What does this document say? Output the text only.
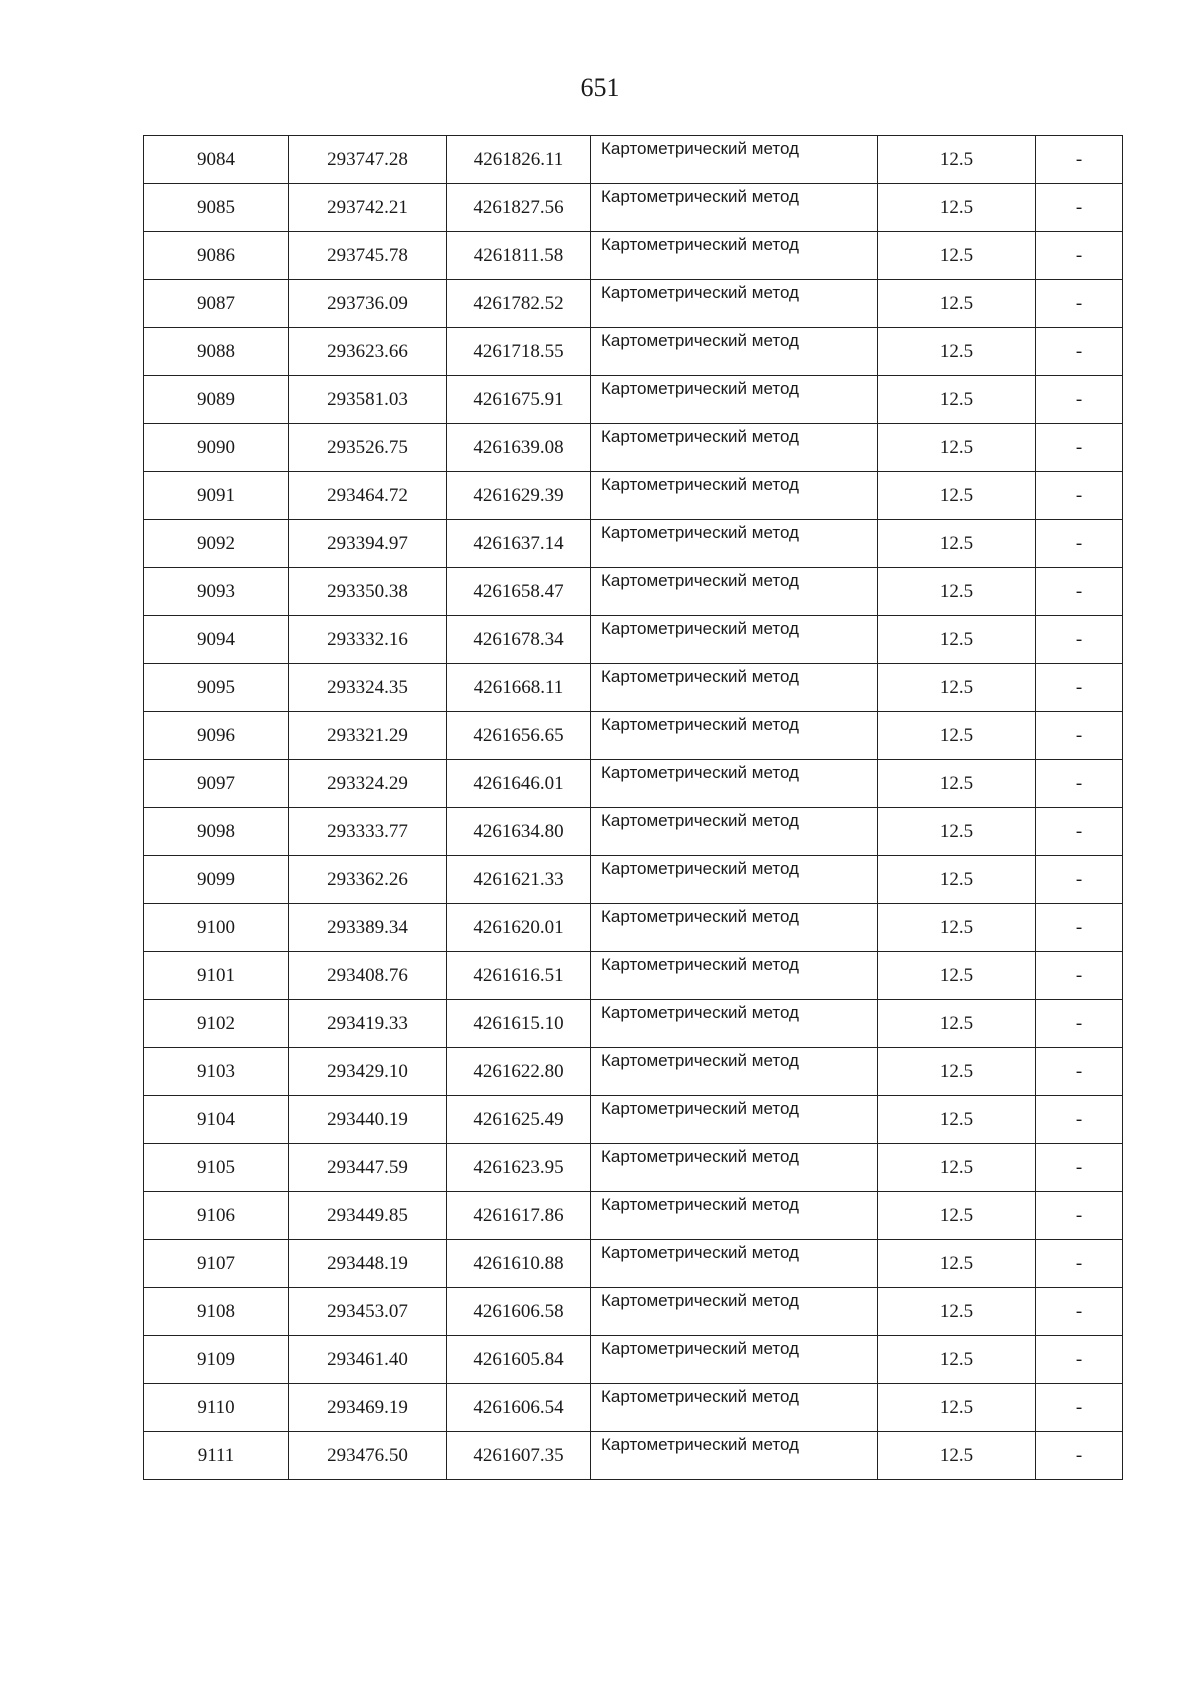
651
9084	293747.28	4261826.11	Картометрический метод	12.5	-
9085	293742.21	4261827.56	Картометрический метод	12.5	-
9086	293745.78	4261811.58	Картометрический метод	12.5	-
9087	293736.09	4261782.52	Картометрический метод	12.5	-
9088	293623.66	4261718.55	Картометрический метод	12.5	-
9089	293581.03	4261675.91	Картометрический метод	12.5	-
9090	293526.75	4261639.08	Картометрический метод	12.5	-
9091	293464.72	4261629.39	Картометрический метод	12.5	-
9092	293394.97	4261637.14	Картометрический метод	12.5	-
9093	293350.38	4261658.47	Картометрический метод	12.5	-
9094	293332.16	4261678.34	Картометрический метод	12.5	-
9095	293324.35	4261668.11	Картометрический метод	12.5	-
9096	293321.29	4261656.65	Картометрический метод	12.5	-
9097	293324.29	4261646.01	Картометрический метод	12.5	-
9098	293333.77	4261634.80	Картометрический метод	12.5	-
9099	293362.26	4261621.33	Картометрический метод	12.5	-
9100	293389.34	4261620.01	Картометрический метод	12.5	-
9101	293408.76	4261616.51	Картометрический метод	12.5	-
9102	293419.33	4261615.10	Картометрический метод	12.5	-
9103	293429.10	4261622.80	Картометрический метод	12.5	-
9104	293440.19	4261625.49	Картометрический метод	12.5	-
9105	293447.59	4261623.95	Картометрический метод	12.5	-
9106	293449.85	4261617.86	Картометрический метод	12.5	-
9107	293448.19	4261610.88	Картометрический метод	12.5	-
9108	293453.07	4261606.58	Картометрический метод	12.5	-
9109	293461.40	4261605.84	Картометрический метод	12.5	-
9110	293469.19	4261606.54	Картометрический метод	12.5	-
9111	293476.50	4261607.35	Картометрический метод	12.5	-
